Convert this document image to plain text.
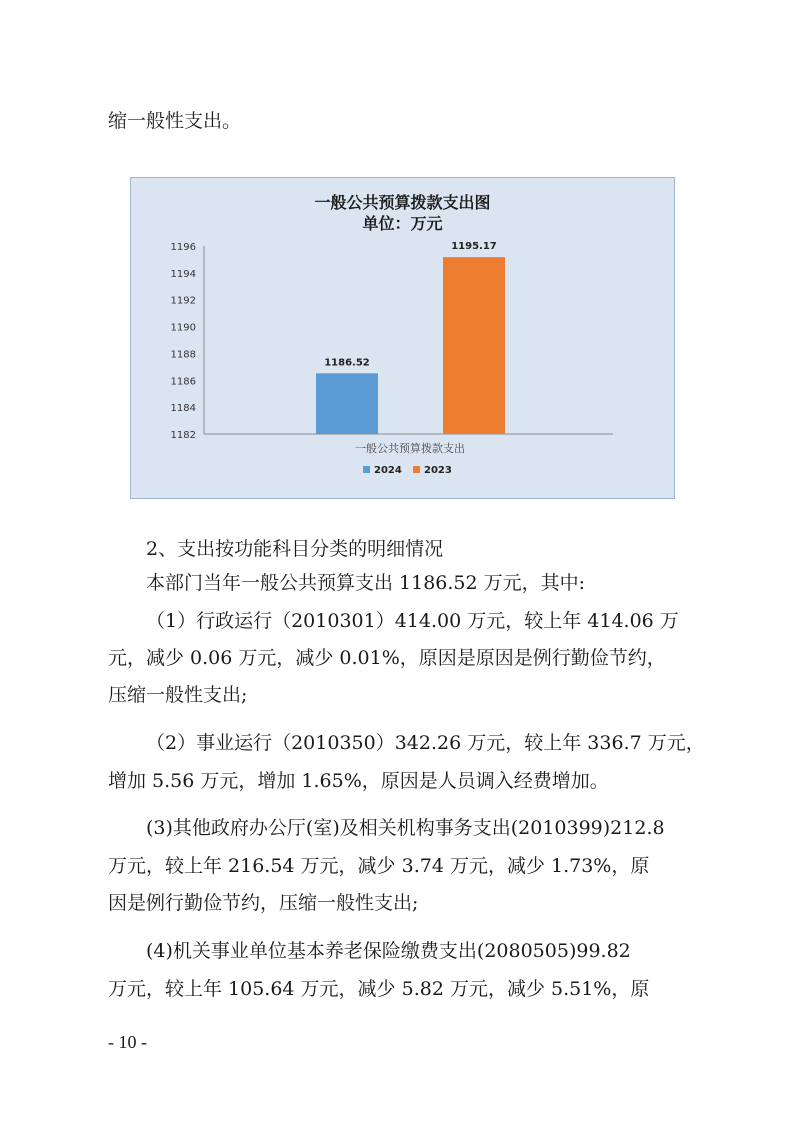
缩一般性支出。
一般公共预算拨款支出图
单位：万元
1182
1184
1186
1188
1190
1192
1194
1196
1186.52
1195.17
一般公共预算拨款支出
2024 2023
2、支出按功能科目分类的明细情况
本部门当年一般公共预算支出 1186.52 万元，其中:
（1）行政运行（2010301）414.00 万元，较上年 414.06 万
元，减少 0.06 万元，减少 0.01%，原因是原因是例行勤俭节约，
压缩一般性支出;
（2）事业运行（2010350）342.26 万元，较上年 336.7 万元，
增加 5.56 万元，增加 1.65%，原因是人员调入经费增加。
(3)其他政府办公厅(室)及相关机构事务支出(2010399)212.8
万元，较上年 216.54 万元，减少 3.74 万元，减少 1.73%，原
因是例行勤俭节约，压缩一般性支出;
(4)机关事业单位基本养老保险缴费支出(2080505)99.82
万元，较上年 105.64 万元，减少 5.82 万元，减少 5.51%，原
- 10 -
